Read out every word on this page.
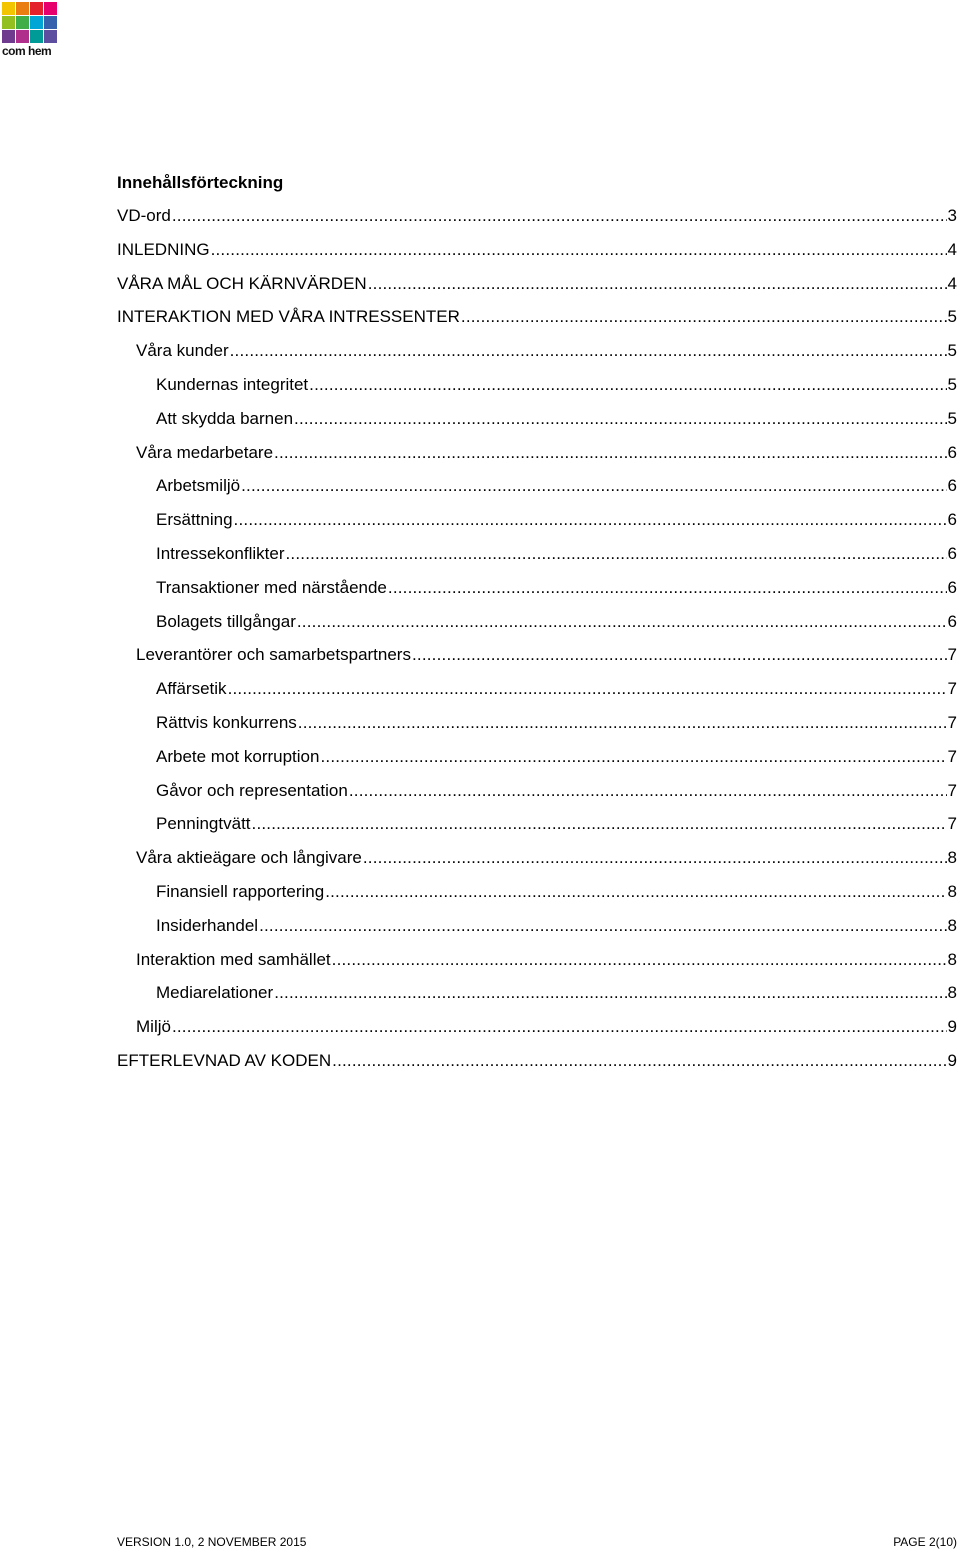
com hem
Innehållsförteckning
VD-ord .....	3
INLEDNING .....	4
VÅRA MÅL OCH KÄRNVÄRDEN .....	4
INTERAKTION MED VÅRA INTRESSENTER .....	5
Våra kunder .....	5
Kundernas integritet .....	5
Att skydda barnen .....	5
Våra medarbetare .....	6
Arbetsmiljö .....	6
Ersättning .....	6
Intressekonflikter .....	6
Transaktioner med närstående .....	6
Bolagets tillgångar .....	6
Leverantörer och samarbetspartners .....	7
Affärsetik .....	7
Rättvis konkurrens .....	7
Arbete mot korruption .....	7
Gåvor och representation .....	7
Penningtvätt .....	7
Våra aktieägare och långivare .....	8
Finansiell rapportering .....	8
Insiderhandel .....	8
Interaktion med samhället .....	8
Mediarelationer .....	8
Miljö .....	9
EFTERLEVNAD AV KODEN .....	9
VERSION 1.0, 2 NOVEMBER 2015	PAGE 2(10)
